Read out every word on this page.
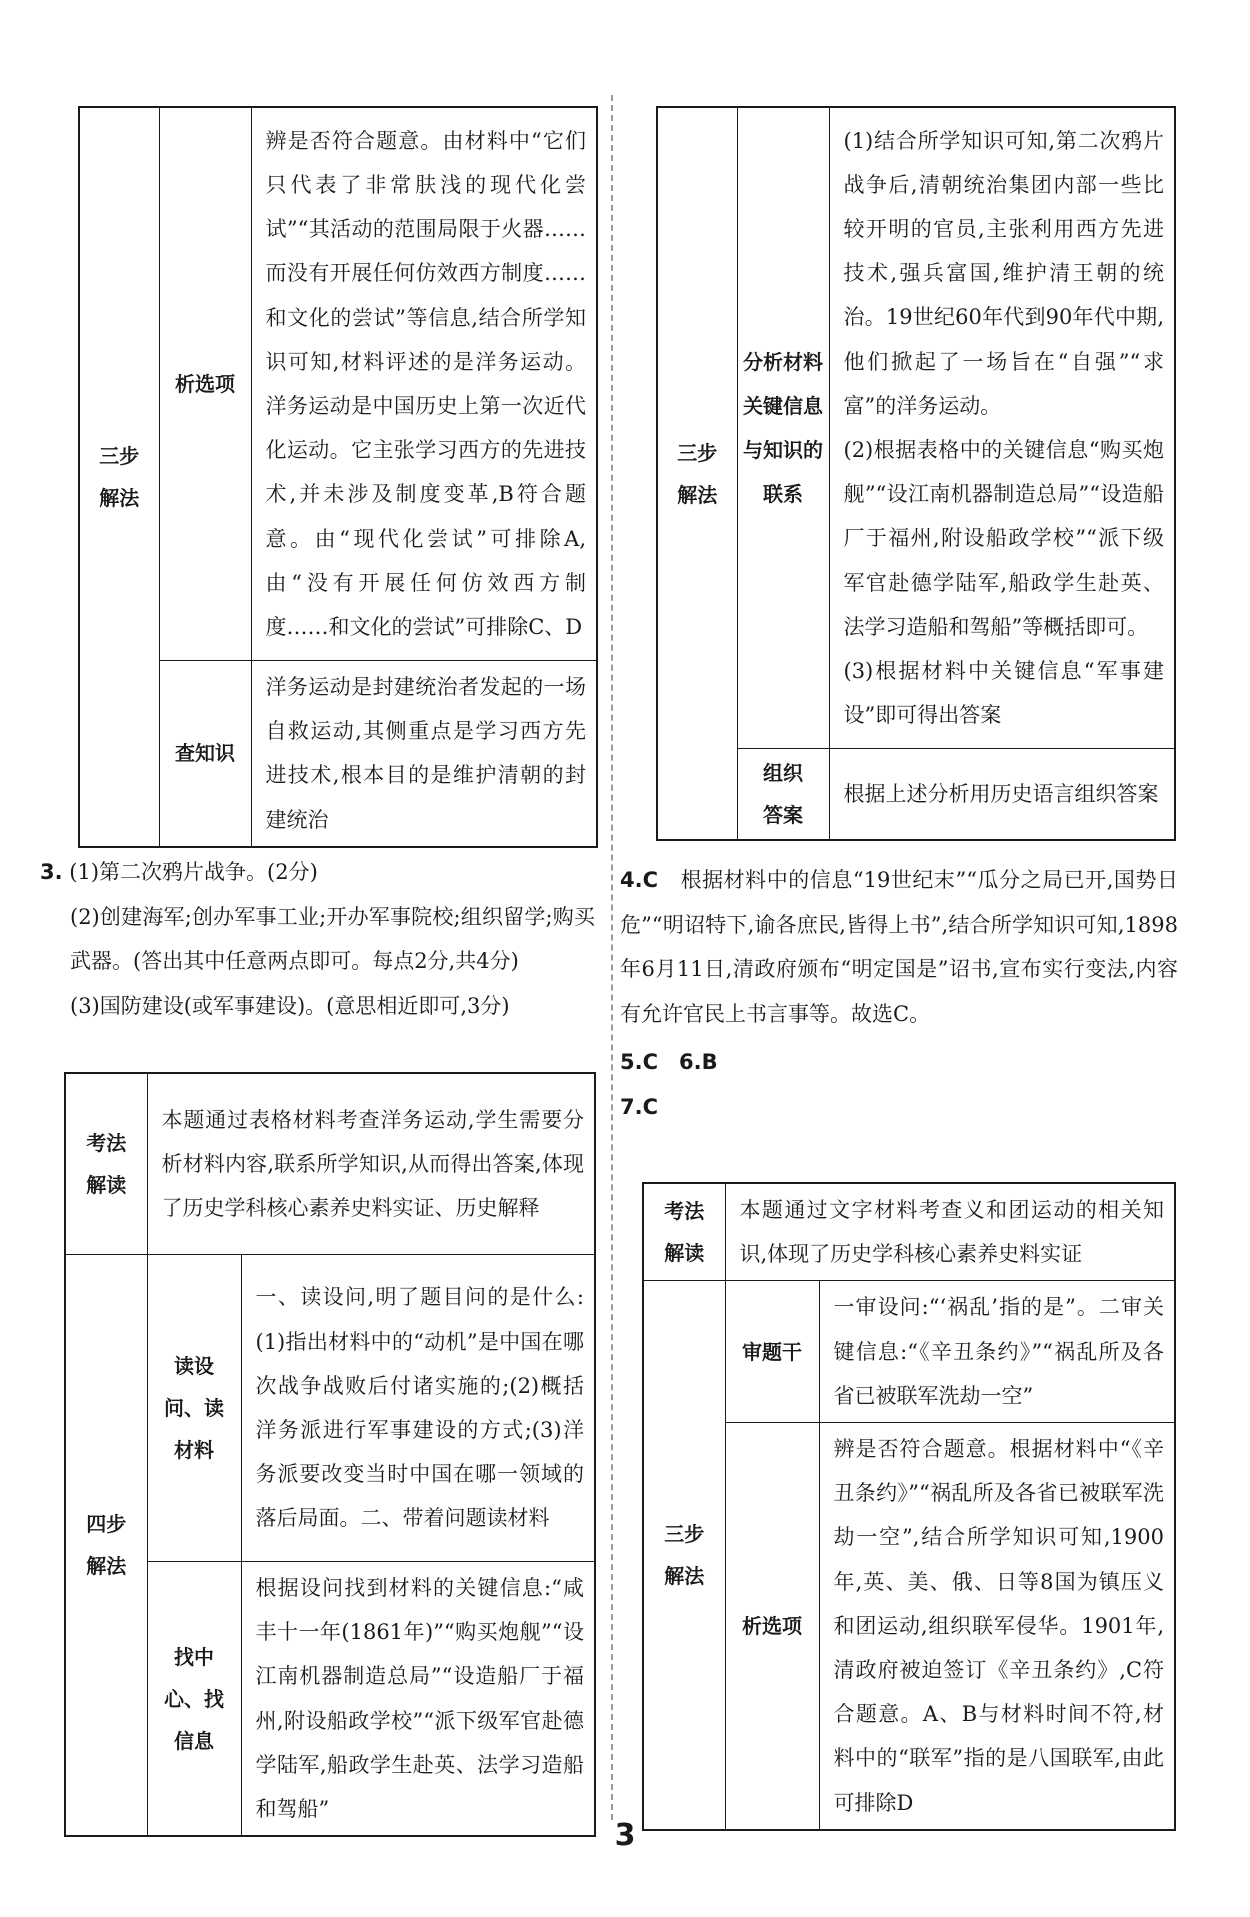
三步解法	析选项	辨是否符合题意。由材料中“它们只代表了非常肤浅的现代化尝试”“其活动的范围局限于火器……而没有开展任何仿效西方制度……和文化的尝试”等信息,结合所学知识可知,材料评述的是洋务运动。洋务运动是中国历史上第一次近代化运动。它主张学习西方的先进技术,并未涉及制度变革,B符合题意。由“现代化尝试”可排除A,由“没有开展任何仿效西方制度……和文化的尝试”可排除C、D
	查知识	洋务运动是封建统治者发起的一场自救运动,其侧重点是学习西方先进技术,根本目的是维护清朝的封建统治
三步解法	分析材料关键信息与知识的联系	(1)结合所学知识可知,第二次鸦片战争后,清朝统治集团内部一些比较开明的官员,主张利用西方先进技术,强兵富国,维护清王朝的统治。19世纪60年代到90年代中期,他们掀起了一场旨在“自强”“求富”的洋务运动。
(2)根据表格中的关键信息“购买炮舰”“设江南机器制造总局”“设造船厂于福州,附设船政学校”“派下级军官赴德学陆军,船政学生赴英、法学习造船和驾船”等概括即可。
(3)根据材料中关键信息“军事建设”即可得出答案

	组织答案	根据上述分析用历史语言组织答案

3. (1)第二次鸦片战争。(2分)

(2)创建海军;创办军事工业;开办军事院校;组织留学;购买武器。(答出其中任意两点即可。每点2分,共4分)

(3)国防建设(或军事建设)。(意思相近即可,3分)

考法解读	本题通过表格材料考查洋务运动,学生需要分析材料内容,联系所学知识,从而得出答案,体现了历史学科核心素养史料实证、历史解释	
四步解法	读设问、读材料	一、读设问,明了题目问的是什么:(1)指出材料中的“动机”是中国在哪次战争战败后付诸实施的;(2)概括洋务派进行军事建设的方式;(3)洋务派要改变当时中国在哪一领域的落后局面。二、带着问题读材料
	找中心、找信息	根据设问找到材料的关键信息:“咸丰十一年(1861年)”“购买炮舰”“设江南机器制造总局”“设造船厂于福州,附设船政学校”“派下级军官赴德学陆军,船政学生赴英、法学习造船和驾船”

4.C 根据材料中的信息“19世纪末”“瓜分之局已开,国势日危”“明诏特下,谕各庶民,皆得上书”,结合所学知识可知,1898年6月11日,清政府颁布“明定国是”诏书,宣布实行变法,内容有允许官民上书言事等。故选C。

5.C　6.B

7.C

考法解读	本题通过文字材料考查义和团运动的相关知识,体现了历史学科核心素养史料实证	
三步解法	审题干	一审设问:“‘祸乱’指的是”。二审关键信息:“《辛丑条约》”“祸乱所及各省已被联军洗劫一空”
	析选项	辨是否符合题意。根据材料中“《辛丑条约》”“祸乱所及各省已被联军洗劫一空”,结合所学知识可知,1900年,英、美、俄、日等8国为镇压义和团运动,组织联军侵华。1901年,清政府被迫签订《辛丑条约》,C符合题意。A、B与材料时间不符,材料中的“联军”指的是八国联军,由此可排除D
3
